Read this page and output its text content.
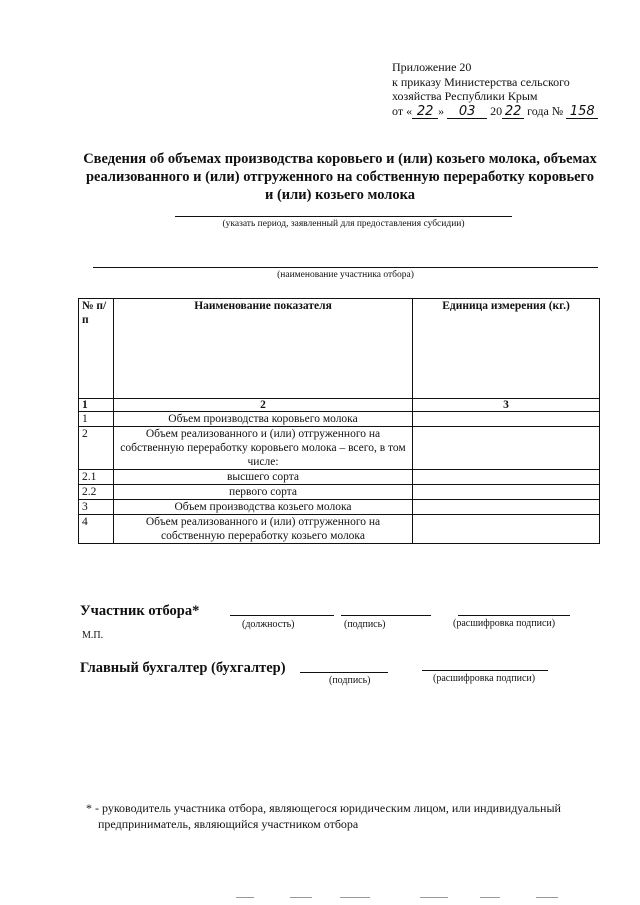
Приложение 20
к приказу Министерства сельского
хозяйства Республики Крым
от « 22 » 03 20 22 года № 158
Сведения об объемах производства коровьего и (или) козьего молока, объемах реализованного и (или) отгруженного на собственную переработку коровьего и (или) козьего молока
(указать период, заявленный для предоставления субсидии)
(наименование участника отбора)
№ п/п	Наименование показателя	Единица измерения (кг.)
1	2	3
1	Объем производства коровьего молока	
2	Объем реализованного и (или) отгруженного на собственную переработку коровьего молока – всего, в том числе:	
2.1	высшего сорта	
2.2	первого сорта	
3	Объем производства козьего молока	
4	Объем реализованного и (или) отгруженного на собственную переработку козьего молока	
Участник отбора*
(должность)	(подпись)	(расшифровка подписи)
М.П.
Главный бухгалтер (бухгалтер)
(подпись)	(расшифровка подписи)
* - руководитель участника отбора, являющегося юридическим лицом, или индивидуальный
предприниматель, являющийся участником отбора
